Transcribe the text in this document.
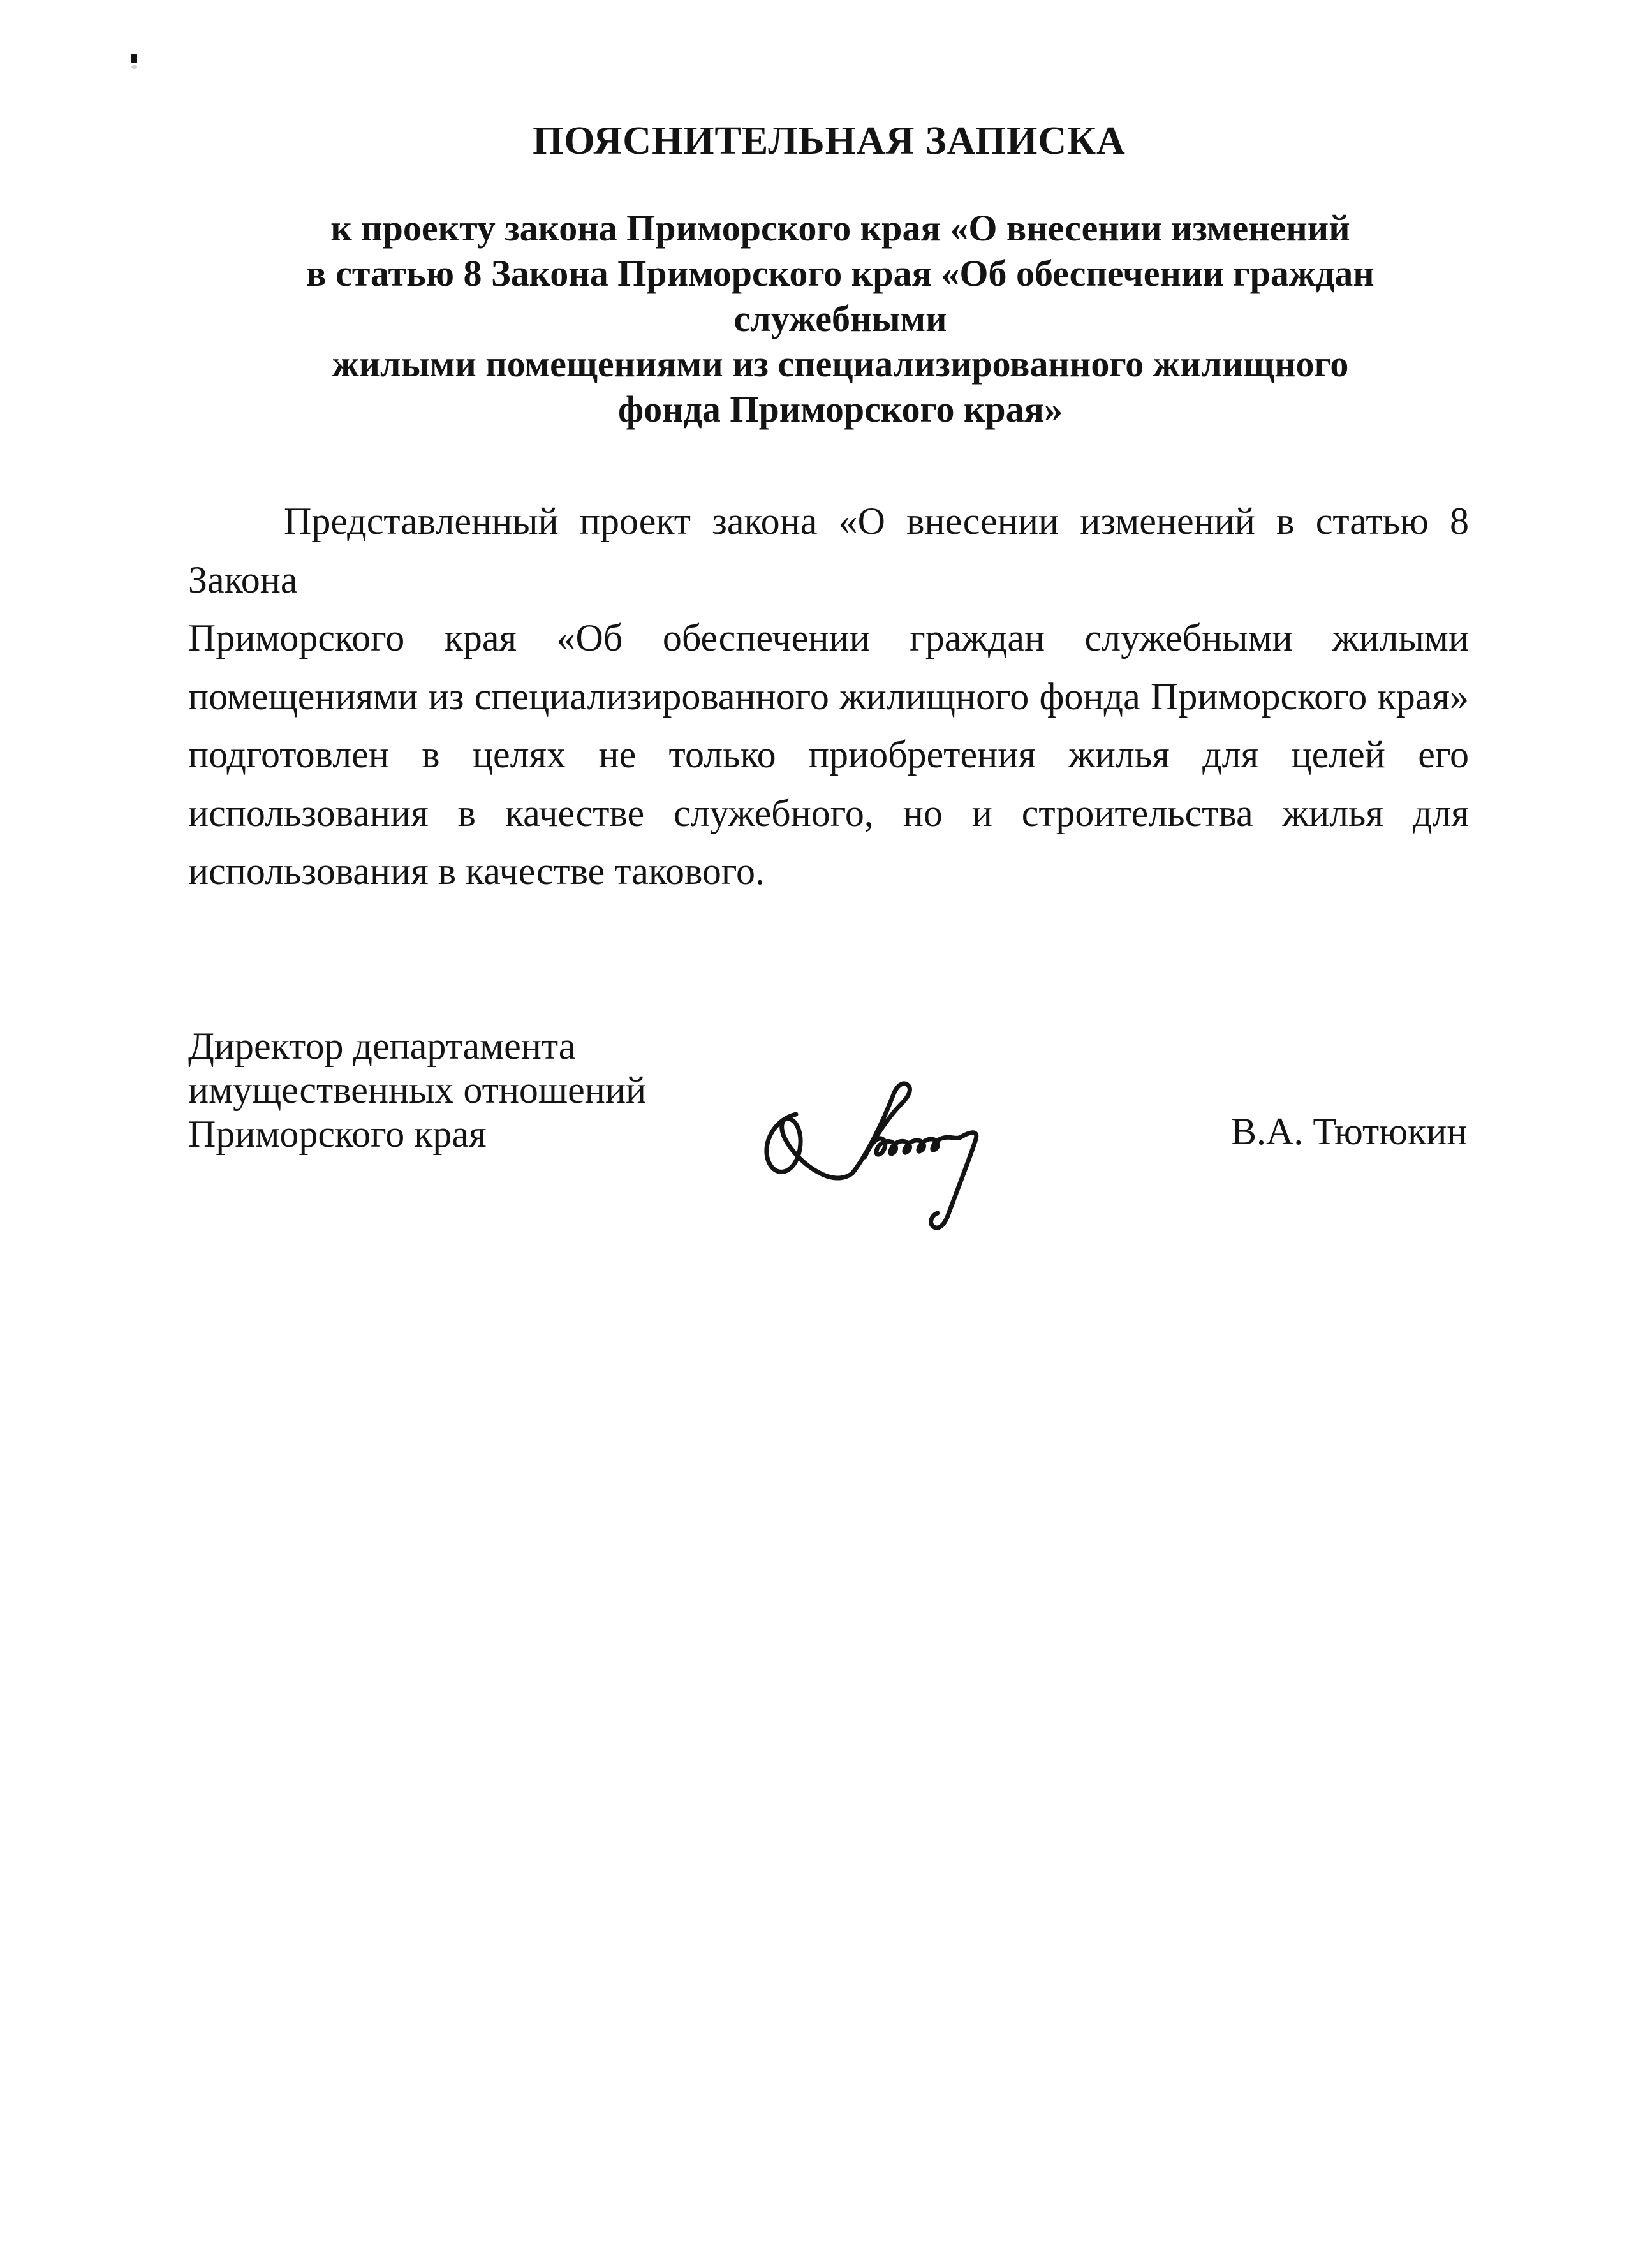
ПОЯСНИТЕЛЬНАЯ ЗАПИСКА
к проекту закона Приморского края «О внесении изменений
в статью 8 Закона Приморского края «Об обеспечении граждан служебными
жилыми помещениями из специализированного жилищного
фонда Приморского края»
Представленный проект закона «О внесении изменений в статью 8 Закона
Приморского края «Об обеспечении граждан служебными жилыми
помещениями из специализированного жилищного фонда Приморского края»
подготовлен в целях не только приобретения жилья для целей его
использования в качестве служебного, но и строительства жилья для
использования в качестве такового.
Директор департамента
имущественных отношений
Приморского края	В.А. Тютюкин
